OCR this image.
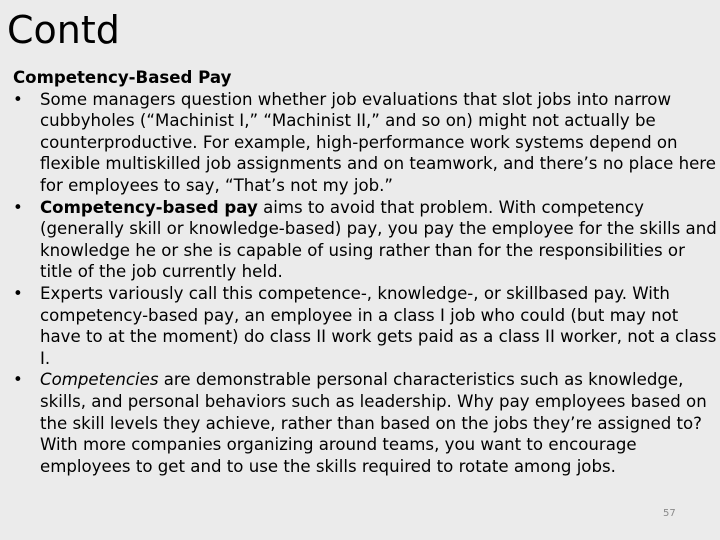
Contd

Competency-Based Pay

•	Some managers question whether job evaluations that slot jobs into narrow cubbyholes (“Machinist I,” “Machinist II,” and so on) might not actually be counterproductive. For example, high-performance work systems depend on flexible multiskilled job assignments and on teamwork, and there’s no place here for employees to say, “That’s not my job.”
•	Competency-based pay aims to avoid that problem. With competency (generally skill or knowledge-based) pay, you pay the employee for the skills and knowledge he or she is capable of using rather than for the responsibilities or title of the job currently held.
•	Experts variously call this competence-, knowledge-, or skillbased pay. With competency-based pay, an employee in a class I job who could (but may not have to at the moment) do class II work gets paid as a class II worker, not a class I.
•	Competencies are demonstrable personal characteristics such as knowledge, skills, and personal behaviors such as leadership. Why pay employees based on the skill levels they achieve, rather than based on the jobs they’re assigned to? With more companies organizing around teams, you want to encourage employees to get and to use the skills required to rotate among jobs.
57
